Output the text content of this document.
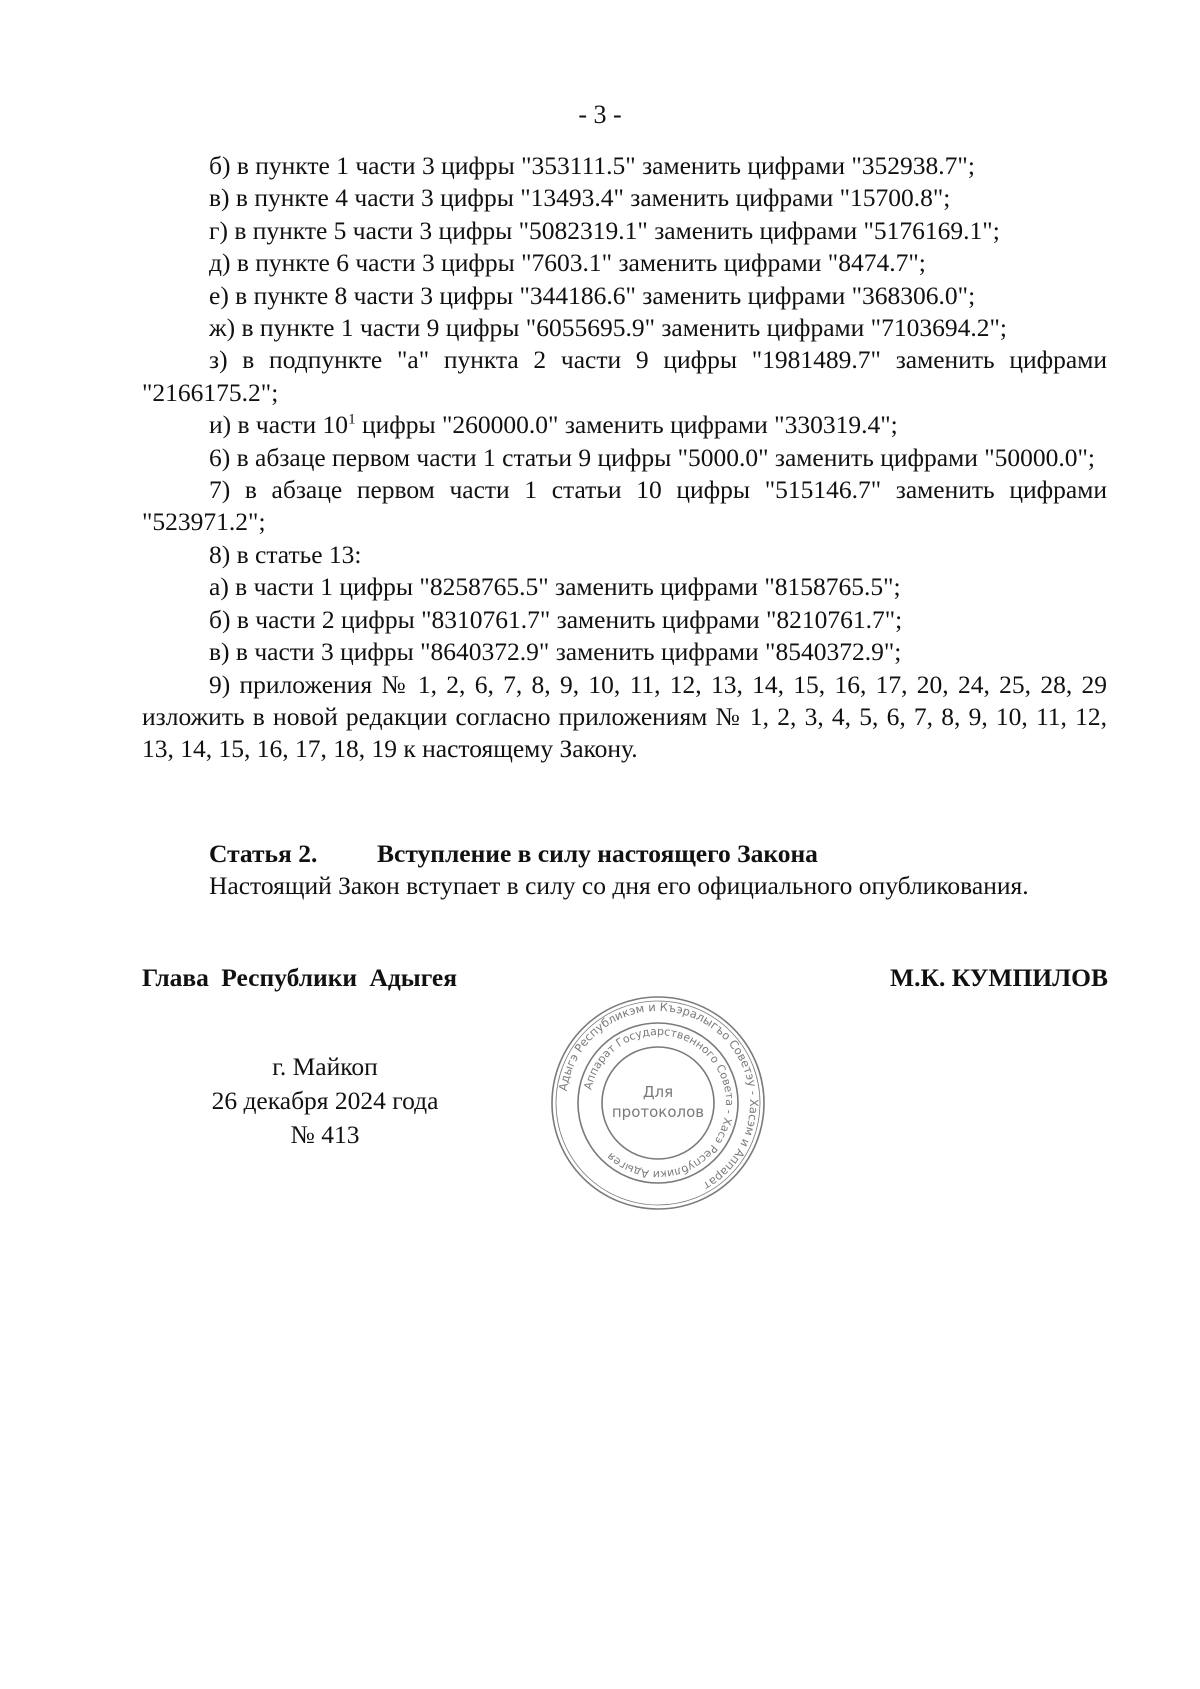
- 3 -

б) в пункте 1 части 3 цифры "353111.5" заменить цифрами "352938.7";

в) в пункте 4 части 3 цифры "13493.4" заменить цифрами "15700.8";

г) в пункте 5 части 3 цифры "5082319.1" заменить цифрами "5176169.1";

д) в пункте 6 части 3 цифры "7603.1" заменить цифрами "8474.7";

е) в пункте 8 части 3 цифры "344186.6" заменить цифрами "368306.0";

ж) в пункте 1 части 9 цифры "6055695.9" заменить цифрами "7103694.2";

з) в подпункте "а" пункта 2 части 9 цифры "1981489.7" заменить цифрами "2166175.2";

и) в части $10^1$ цифры "260000.0" заменить цифрами "330319.4";

6) в абзаце первом части 1 статьи 9 цифры "5000.0" заменить цифрами "50000.0";

7) в абзаце первом части 1 статьи 10 цифры "515146.7" заменить цифрами "523971.2";

8) в статье 13:

а) в части 1 цифры "8258765.5" заменить цифрами "8158765.5";

б) в части 2 цифры "8310761.7" заменить цифрами "8210761.7";

в) в части 3 цифры "8640372.9" заменить цифрами "8540372.9";

9) приложения № 1, 2, 6, 7, 8, 9, 10, 11, 12, 13, 14, 15, 16, 17, 20, 24, 25, 28, 29 изложить в новой редакции согласно приложениям № 1, 2, 3, 4, 5, 6, 7, 8, 9, 10, 11, 12, 13, 14, 15, 16, 17, 18, 19 к настоящему Закону.

Статья 2. Вступление в силу настоящего Закона

Настоящий Закон вступает в силу со дня его официального опубликования.

Глава Республики Адыгея	М.К. КУМПИЛОВ
г. Майкоп
26 декабря 2024 года
№ 413
Адыгэ Республикэм и Къэралыгъо Советэу - Хасэм и Аппарат
Аппарат Государственного Совета - Хасэ Республики Адыгея
Для
протоколов
